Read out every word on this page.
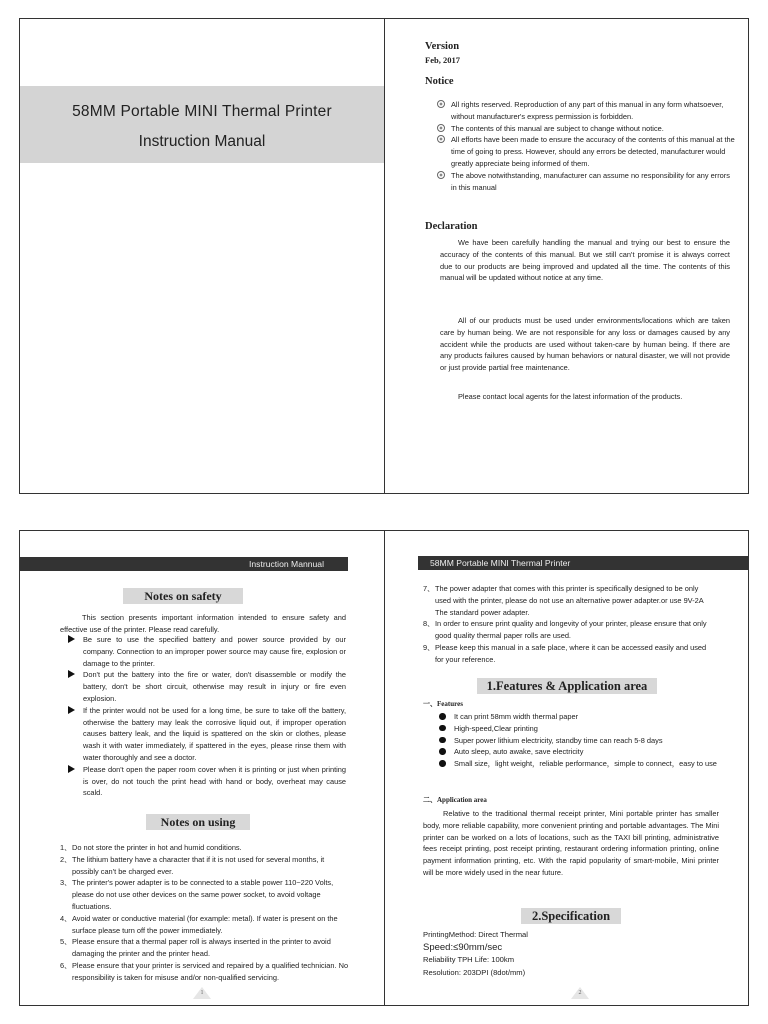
58MM Portable MINI Thermal Printer
Instruction Manual
Version
Feb, 2017
Notice
All rights reserved. Reproduction of any part of this manual in any form whatsoever, without manufacturer's express permission is forbidden.
The contents of this manual are subject to change without notice.
All efforts have been made to ensure the accuracy of the contents of this manual at the time of going to press. However, should any errors be detected, manufacturer would greatly appreciate being informed of them.
The above notwithstanding, manufacturer can assume no responsibility for any errors in this manual
Declaration
We have been carefully handling the manual and trying our best to ensure the accuracy of the contents of this manual. But we still can't promise it is always correct due to our products are being improved and updated all the time. The contents of this manual will be updated without notice at any time.
All of our products must be used under environments/locations which are taken care by human being. We are not responsible for any loss or damages caused by any accident while the products are used without taken-care by human being. If there are any products failures caused by human behaviors or natural disaster, we will not provide or just provide partial free maintenance.
Please contact local agents for the latest information of the products.
Instruction Mannual
Notes on safety
This section presents important information intended to ensure safety and effective use of the printer. Please read carefully.
Be sure to use the specified battery and power source provided by our company. Connection to an improper power source may cause fire, explosion or damage to the printer.
Don't put the battery into the fire or water, don't disassemble or modify the battery, don't be short circuit, otherwise may result in injury or fire even explosion.
If the printer would not be used for a long time, be sure to take off the battery, otherwise the battery may leak the corrosive liquid out, if improper operation causes battery leak, and the liquid is spattered on the skin or clothes, please wash it with water immediately, if spattered in the eyes, please rinse them with water thoroughly and see a doctor.
Please don't open the paper room cover when it is printing or just when printing is over, do not touch the print head with hand or body, overheat may cause scald.
Notes on using
1、 Do not store the printer in hot and humid conditions.
2、 The lithium battery have a character that if it is not used for several months, it possibly can't be charged ever.
3、 The printer's power adapter is to be connected to a stable power 110~220 Volts, please do not use other devices on the same power socket, to avoid voltage fluctuations.
4、 Avoid water or conductive material (for example: metal). If water is present on the surface please turn off the power immediately.
5、 Please ensure that a thermal paper roll is always inserted in the printer to avoid damaging the printer and the printer head.
6、 Please ensure that your printer is serviced and repaired by a qualified technician. No responsibility is taken for misuse and/or non-qualified servicing.
1
58MM Portable MINI Thermal Printer
7、 The power adapter that comes with this printer is specifically designed to be only used with the printer, please do not use an alternative power adapter.or use 9V-2A The standard power adapter.
8、 In order to ensure print quality and longevity of your printer, please ensure that only good quality thermal paper rolls are used.
9、 Please keep this manual in a safe place, where it can be accessed easily and used for your reference.
1.Features & Application area
一、Features
It can print 58mm width thermal paper
High-speed,Clear printing
Super power lithium electricity, standby time can reach 5-8 days
Auto sleep, auto awake, save electricity
Small size，light weight，reliable performance，simple to connect，easy to use
二、Application area
Relative to the traditional thermal receipt printer, Mini portable printer has smaller body, more reliable capability, more convenient printing and portable advantages. The Mini printer can be worked on a lots of locations, such as the TAXI bill printing, administrative fees receipt printing, post receipt printing, restaurant ordering information printing, online payment information printing, etc. With the rapid popularity of smart-mobile, Mini printer will be more widely used in the near future.
2.Specification
PrintingMethod: Direct Thermal
Speed:≤90mm/sec
Reliability TPH Life: 100km
Resolution: 203DPI (8dot/mm)
2
